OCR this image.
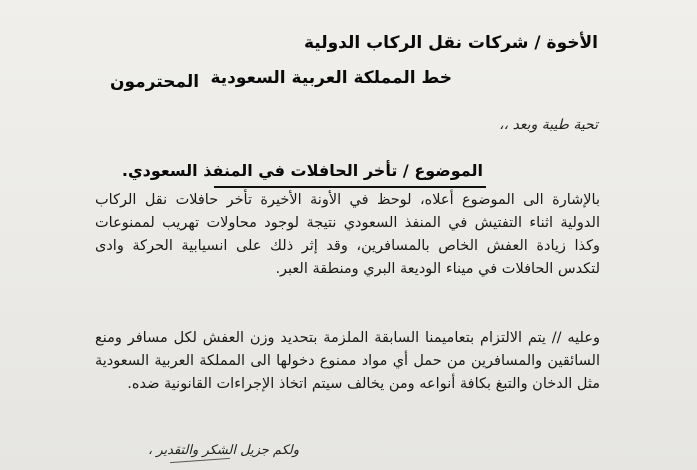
الأخوة / شركات نقل الركاب الدولية
خط المملكة العربية السعودية
المحترمون
تحية طيبة وبعد ،،
الموضوع / تأخر الحافلات في المنفذ السعودي.

بالإشارة الى الموضوع أعلاه، لوحظ في الأونة الأخيرة تأخر حافلات نقل الركاب الدولية اثناء التفتيش في المنفذ السعودي نتيجة لوجود محاولات تهريب لممنوعات وكذا زيادة العفش الخاص بالمسافرين، وقد إثر ذلك على انسيابية الحركة وادى لتكدس الحافلات في ميناء الوديعة البري ومنطقة العبر.

وعليه // يتم الالتزام بتعاميمنا السابقة الملزمة بتحديد وزن العفش لكل مسافر ومنع السائقين والمسافرين من حمل أي مواد ممنوع دخولها الى المملكة العربية السعودية مثل الدخان والتبغ بكافة أنواعه ومن يخالف سيتم اتخاذ الإجراءات القانونية ضده.

ولكم جزيل الشكر والتقدير ،
